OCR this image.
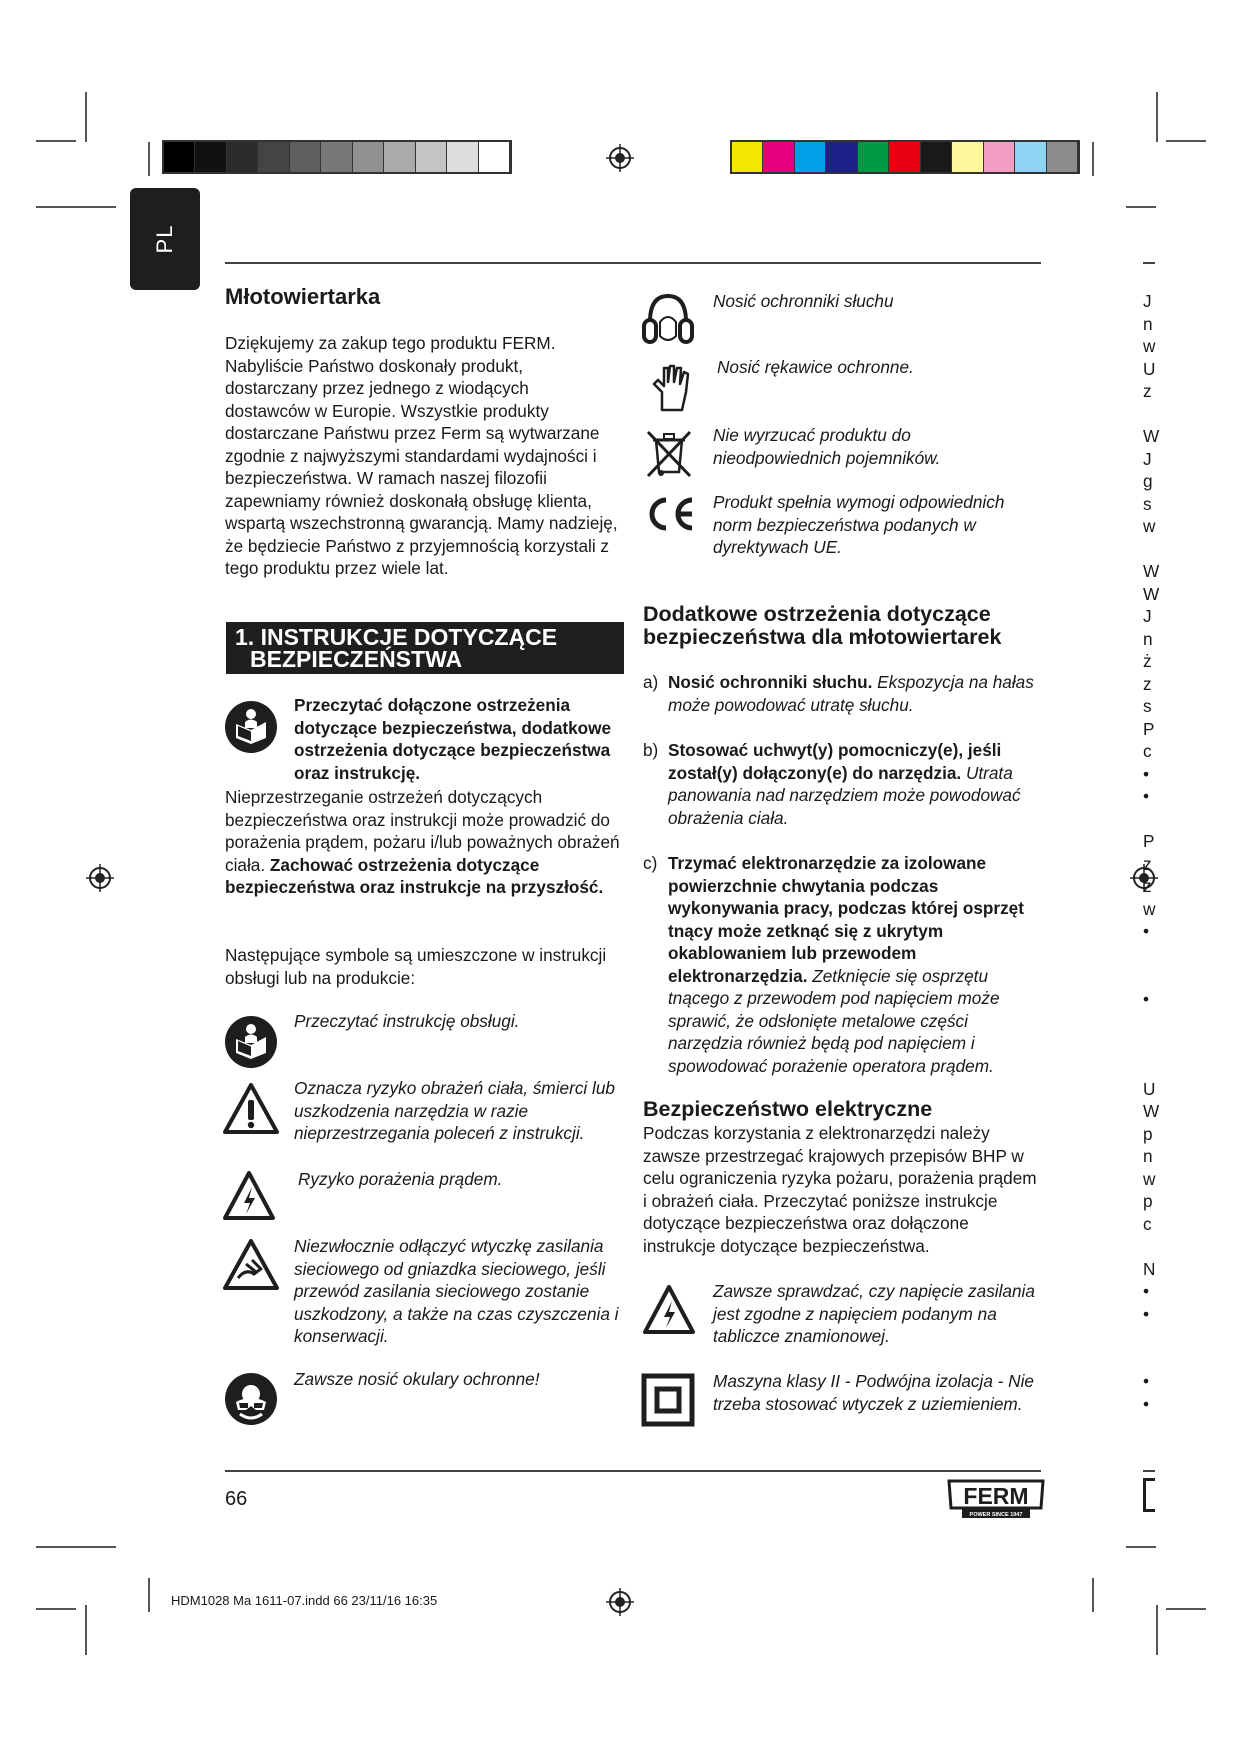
PL
Młotowiertarka
Dziękujemy za zakup tego produktu FERM. Nabyliście Państwo doskonały produkt, dostarczany przez jednego z wiodących dostawców w Europie. Wszystkie produkty dostarczane Państwu przez Ferm są wytwarzane zgodnie z najwyższymi standardami wydajności i bezpieczeństwa. W ramach naszej filozofii zapewniamy również doskonałą obsługę klienta, wspartą wszechstronną gwarancją. Mamy nadzieję, że będziecie Państwo z przyjemnością korzystali z tego produktu przez wiele lat.
1. INSTRUKCJE DOTYCZĄCE
BEZPIECZEŃSTWA
Przeczytać dołączone ostrzeżenia dotyczące bezpieczeństwa, dodatkowe ostrzeżenia dotyczące bezpieczeństwa oraz instrukcję.
Nieprzestrzeganie ostrzeżeń dotyczących bezpieczeństwa oraz instrukcji może prowadzić do porażenia prądem, pożaru i/lub poważnych obrażeń ciała. Zachować ostrzeżenia dotyczące bezpieczeństwa oraz instrukcje na przyszłość.
Następujące symbole są umieszczone w instrukcji obsługi lub na produkcie:
Przeczytać instrukcję obsługi.
Oznacza ryzyko obrażeń ciała, śmierci lub uszkodzenia narzędzia w razie nieprzestrzegania poleceń z instrukcji.
Ryzyko porażenia prądem.
Niezwłocznie odłączyć wtyczkę zasilania sieciowego od gniazdka sieciowego, jeśli przewód zasilania sieciowego zostanie uszkodzony, a także na czas czyszczenia i konserwacji.
Zawsze nosić okulary ochronne!
Nosić ochronniki słuchu
Nosić rękawice ochronne.
Nie wyrzucać produktu do nieodpowiednich pojemników.
Produkt spełnia wymogi odpowiednich norm bezpieczeństwa podanych w dyrektywach UE.
Dodatkowe ostrzeżenia dotyczące bezpieczeństwa dla młotowiertarek
a) Nosić ochronniki słuchu. Ekspozycja na hałas może powodować utratę słuchu.
b) Stosować uchwyt(y) pomocniczy(e), jeśli został(y) dołączony(e) do narzędzia. Utrata panowania nad narzędziem może powodować obrażenia ciała.
c) Trzymać elektronarzędzie za izolowane powierzchnie chwytania podczas wykonywania pracy, podczas której osprzęt tnący może zetknąć się z ukrytym okablowaniem lub przewodem elektronarzędzia. Zetknięcie się osprzętu tnącego z przewodem pod napięciem może sprawić, że odsłonięte metalowe części narzędzia również będą pod napięciem i spowodować porażenie operatora prądem.
Bezpieczeństwo elektryczne
Podczas korzystania z elektronarzędzi należy zawsze przestrzegać krajowych przepisów BHP w celu ograniczenia ryzyka pożaru, porażenia prądem i obrażeń ciała. Przeczytać poniższe instrukcje dotyczące bezpieczeństwa oraz dołączone instrukcje dotyczące bezpieczeństwa.
Zawsze sprawdzać, czy napięcie zasilania jest zgodne z napięciem podanym na tabliczce znamionowej.
Maszyna klasy II - Podwójna izolacja - Nie trzeba stosować wtyczek z uziemieniem.
J
n
w
U
z

W
J
g
s
w

W
W
J
n
ż
z
s
P
c
•
•

P
z
z
w
•

•

U
W
p
n
w
p
c

N
•
•

•
•
66	FERM
POWER SINCE 1947
HDM1028 Ma 1611-07.indd 66 23/11/16 16:35
